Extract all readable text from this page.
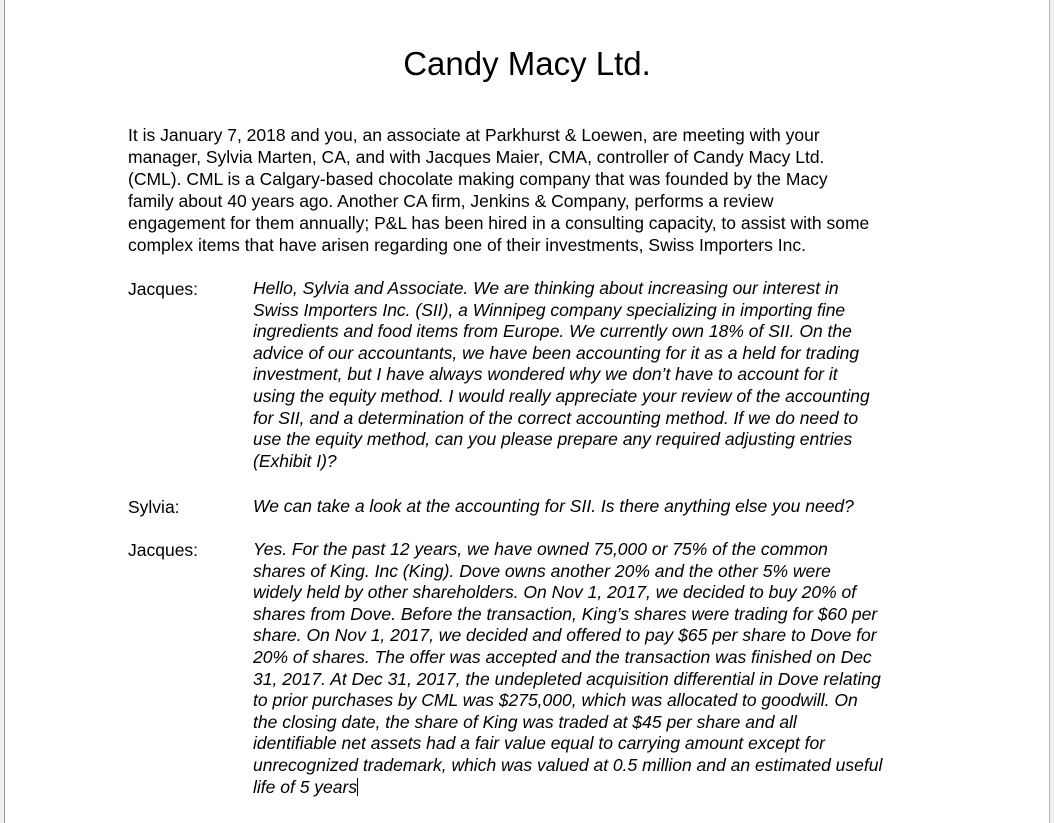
Candy Macy Ltd.

It is January 7, 2018 and you, an associate at Parkhurst & Loewen, are meeting with your
manager, Sylvia Marten, CA, and with Jacques Maier, CMA, controller of Candy Macy Ltd.
(CML). CML is a Calgary-based chocolate making company that was founded by the Macy
family about 40 years ago. Another CA firm, Jenkins & Company, performs a review
engagement for them annually; P&L has been hired in a consulting capacity, to assist with some
complex items that have arisen regarding one of their investments, Swiss Importers Inc.

Jacques:	Hello, Sylvia and Associate. We are thinking about increasing our interest in
Swiss Importers Inc. (SII), a Winnipeg company specializing in importing fine
ingredients and food items from Europe. We currently own 18% of SII. On the
advice of our accountants, we have been accounting for it as a held for trading
investment, but I have always wondered why we don’t have to account for it
using the equity method. I would really appreciate your review of the accounting
for SII, and a determination of the correct accounting method. If we do need to
use the equity method, can you please prepare any required adjusting entries
(Exhibit I)?
Sylvia:	We can take a look at the accounting for SII. Is there anything else you need?
Jacques:	Yes. For the past 12 years, we have owned 75,000 or 75% of the common
shares of King. Inc (King). Dove owns another 20% and the other 5% were
widely held by other shareholders. On Nov 1, 2017, we decided to buy 20% of
shares from Dove. Before the transaction, King’s shares were trading for $60 per
share. On Nov 1, 2017, we decided and offered to pay $65 per share to Dove for
20% of shares. The offer was accepted and the transaction was finished on Dec
31, 2017. At Dec 31, 2017, the undepleted acquisition differential in Dove relating
to prior purchases by CML was $275,000, which was allocated to goodwill. On
the closing date, the share of King was traded at $45 per share and all
identifiable net assets had a fair value equal to carrying amount except for
unrecognized trademark, which was valued at 0.5 million and an estimated useful
life of 5 years
